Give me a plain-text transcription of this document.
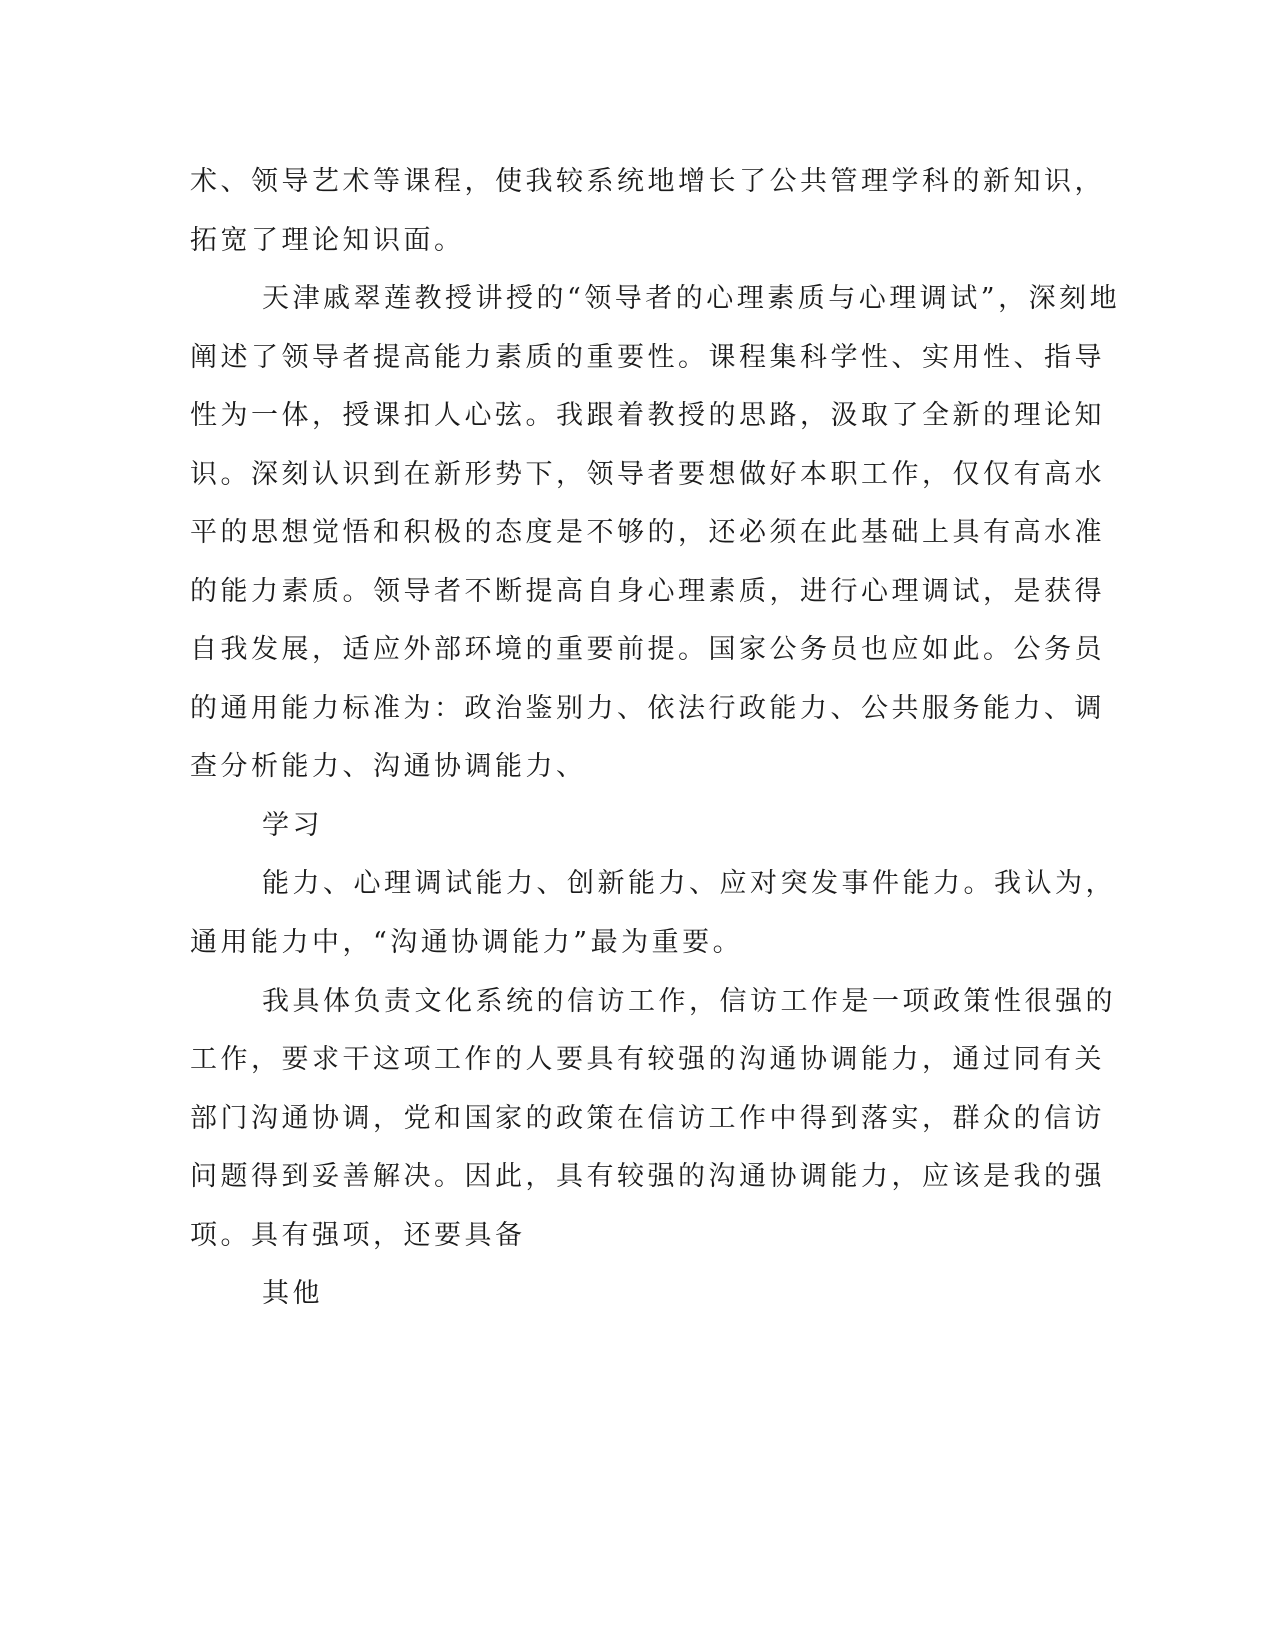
术、领导艺术等课程，使我较系统地增长了公共管理学科的新知识，

拓宽了理论知识面。

天津戚翠莲教授讲授的“领导者的心理素质与心理调试”，深刻地

阐述了领导者提高能力素质的重要性。课程集科学性、实用性、指导

性为一体，授课扣人心弦。我跟着教授的思路，汲取了全新的理论知

识。深刻认识到在新形势下，领导者要想做好本职工作，仅仅有高水

平的思想觉悟和积极的态度是不够的，还必须在此基础上具有高水准

的能力素质。领导者不断提高自身心理素质，进行心理调试，是获得

自我发展，适应外部环境的重要前提。国家公务员也应如此。公务员

的通用能力标准为：政治鉴别力、依法行政能力、公共服务能力、调

查分析能力、沟通协调能力、

学习

能力、心理调试能力、创新能力、应对突发事件能力。我认为，

通用能力中，“沟通协调能力”最为重要。

我具体负责文化系统的信访工作，信访工作是一项政策性很强的

工作，要求干这项工作的人要具有较强的沟通协调能力，通过同有关

部门沟通协调，党和国家的政策在信访工作中得到落实，群众的信访

问题得到妥善解决。因此，具有较强的沟通协调能力，应该是我的强

项。具有强项，还要具备

其他
